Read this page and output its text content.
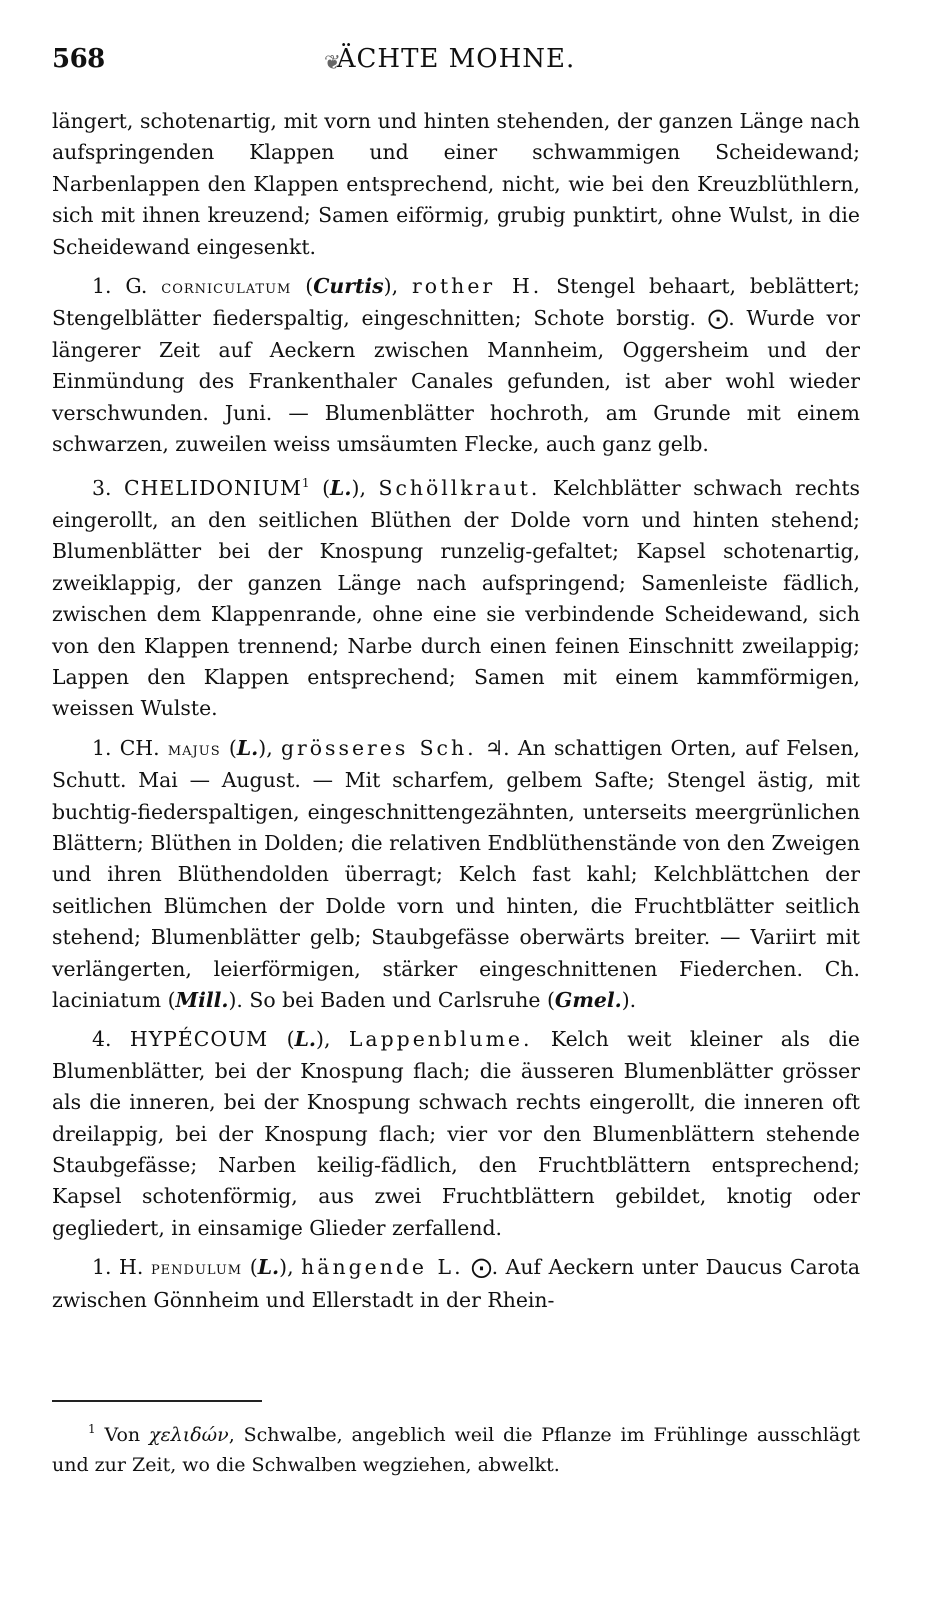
568	❦
ÄCHTE MOHNE.

längert, schotenartig, mit vorn und hinten stehenden, der ganzen Länge nach aufspringenden Klappen und einer schwammigen Scheidewand; Narbenlappen den Klappen entsprechend, nicht, wie bei den Kreuzblüthlern, sich mit ihnen kreuzend; Samen eiförmig, grubig punktirt, ohne Wulst, in die Scheidewand eingesenkt.

1. G. corniculatum (Curtis), rother H. Stengel behaart, beblättert; Stengelblätter fiederspaltig, eingeschnitten; Schote borstig. ⨀. Wurde vor längerer Zeit auf Aeckern zwischen Mannheim, Oggersheim und der Einmündung des Frankenthaler Canales gefunden, ist aber wohl wieder verschwunden. Juni. — Blumenblätter hochroth, am Grunde mit einem schwarzen, zuweilen weiss umsäumten Flecke, auch ganz gelb.

3. CHELIDONIUM$^1$ (L.), Schöllkraut. Kelchblätter schwach rechts eingerollt, an den seitlichen Blüthen der Dolde vorn und hinten stehend; Blumenblätter bei der Knospung runzelig-gefaltet; Kapsel schotenartig, zweiklappig, der ganzen Länge nach aufspringend; Samenleiste fädlich, zwischen dem Klappenrande, ohne eine sie verbindende Scheidewand, sich von den Klappen trennend; Narbe durch einen feinen Einschnitt zweilappig; Lappen den Klappen entsprechend; Samen mit einem kammförmigen, weissen Wulste.

1. CH. majus (L.), grösseres Sch. ♃. An schattigen Orten, auf Felsen, Schutt. Mai — August. — Mit scharfem, gelbem Safte; Stengel ästig, mit buchtig-fiederspaltigen, eingeschnittengezähnten, unterseits meergrünlichen Blättern; Blüthen in Dolden; die relativen Endblüthenstände von den Zweigen und ihren Blüthendolden überragt; Kelch fast kahl; Kelchblättchen der seitlichen Blümchen der Dolde vorn und hinten, die Fruchtblätter seitlich stehend; Blumenblätter gelb; Staubgefässe oberwärts breiter. — Variirt mit verlängerten, leierförmigen, stärker eingeschnittenen Fiederchen. Ch. laciniatum (Mill.). So bei Baden und Carlsruhe (Gmel.).

4. HYPÉCOUM (L.), Lappenblume. Kelch weit kleiner als die Blumenblätter, bei der Knospung flach; die äusseren Blumenblätter grösser als die inneren, bei der Knospung schwach rechts eingerollt, die inneren oft dreilappig, bei der Knospung flach; vier vor den Blumenblättern stehende Staubgefässe; Narben keilig-fädlich, den Fruchtblättern entsprechend; Kapsel schotenförmig, aus zwei Fruchtblättern gebildet, knotig oder gegliedert, in einsamige Glieder zerfallend.

1. H. pendulum (L.), hängende L. ⨀. Auf Aeckern unter Daucus Carota zwischen Gönnheim und Ellerstadt in der Rhein-

$^1$ Von χελιδών, Schwalbe, angeblich weil die Pflanze im Frühlinge ausschlägt und zur Zeit, wo die Schwalben wegziehen, abwelkt.
